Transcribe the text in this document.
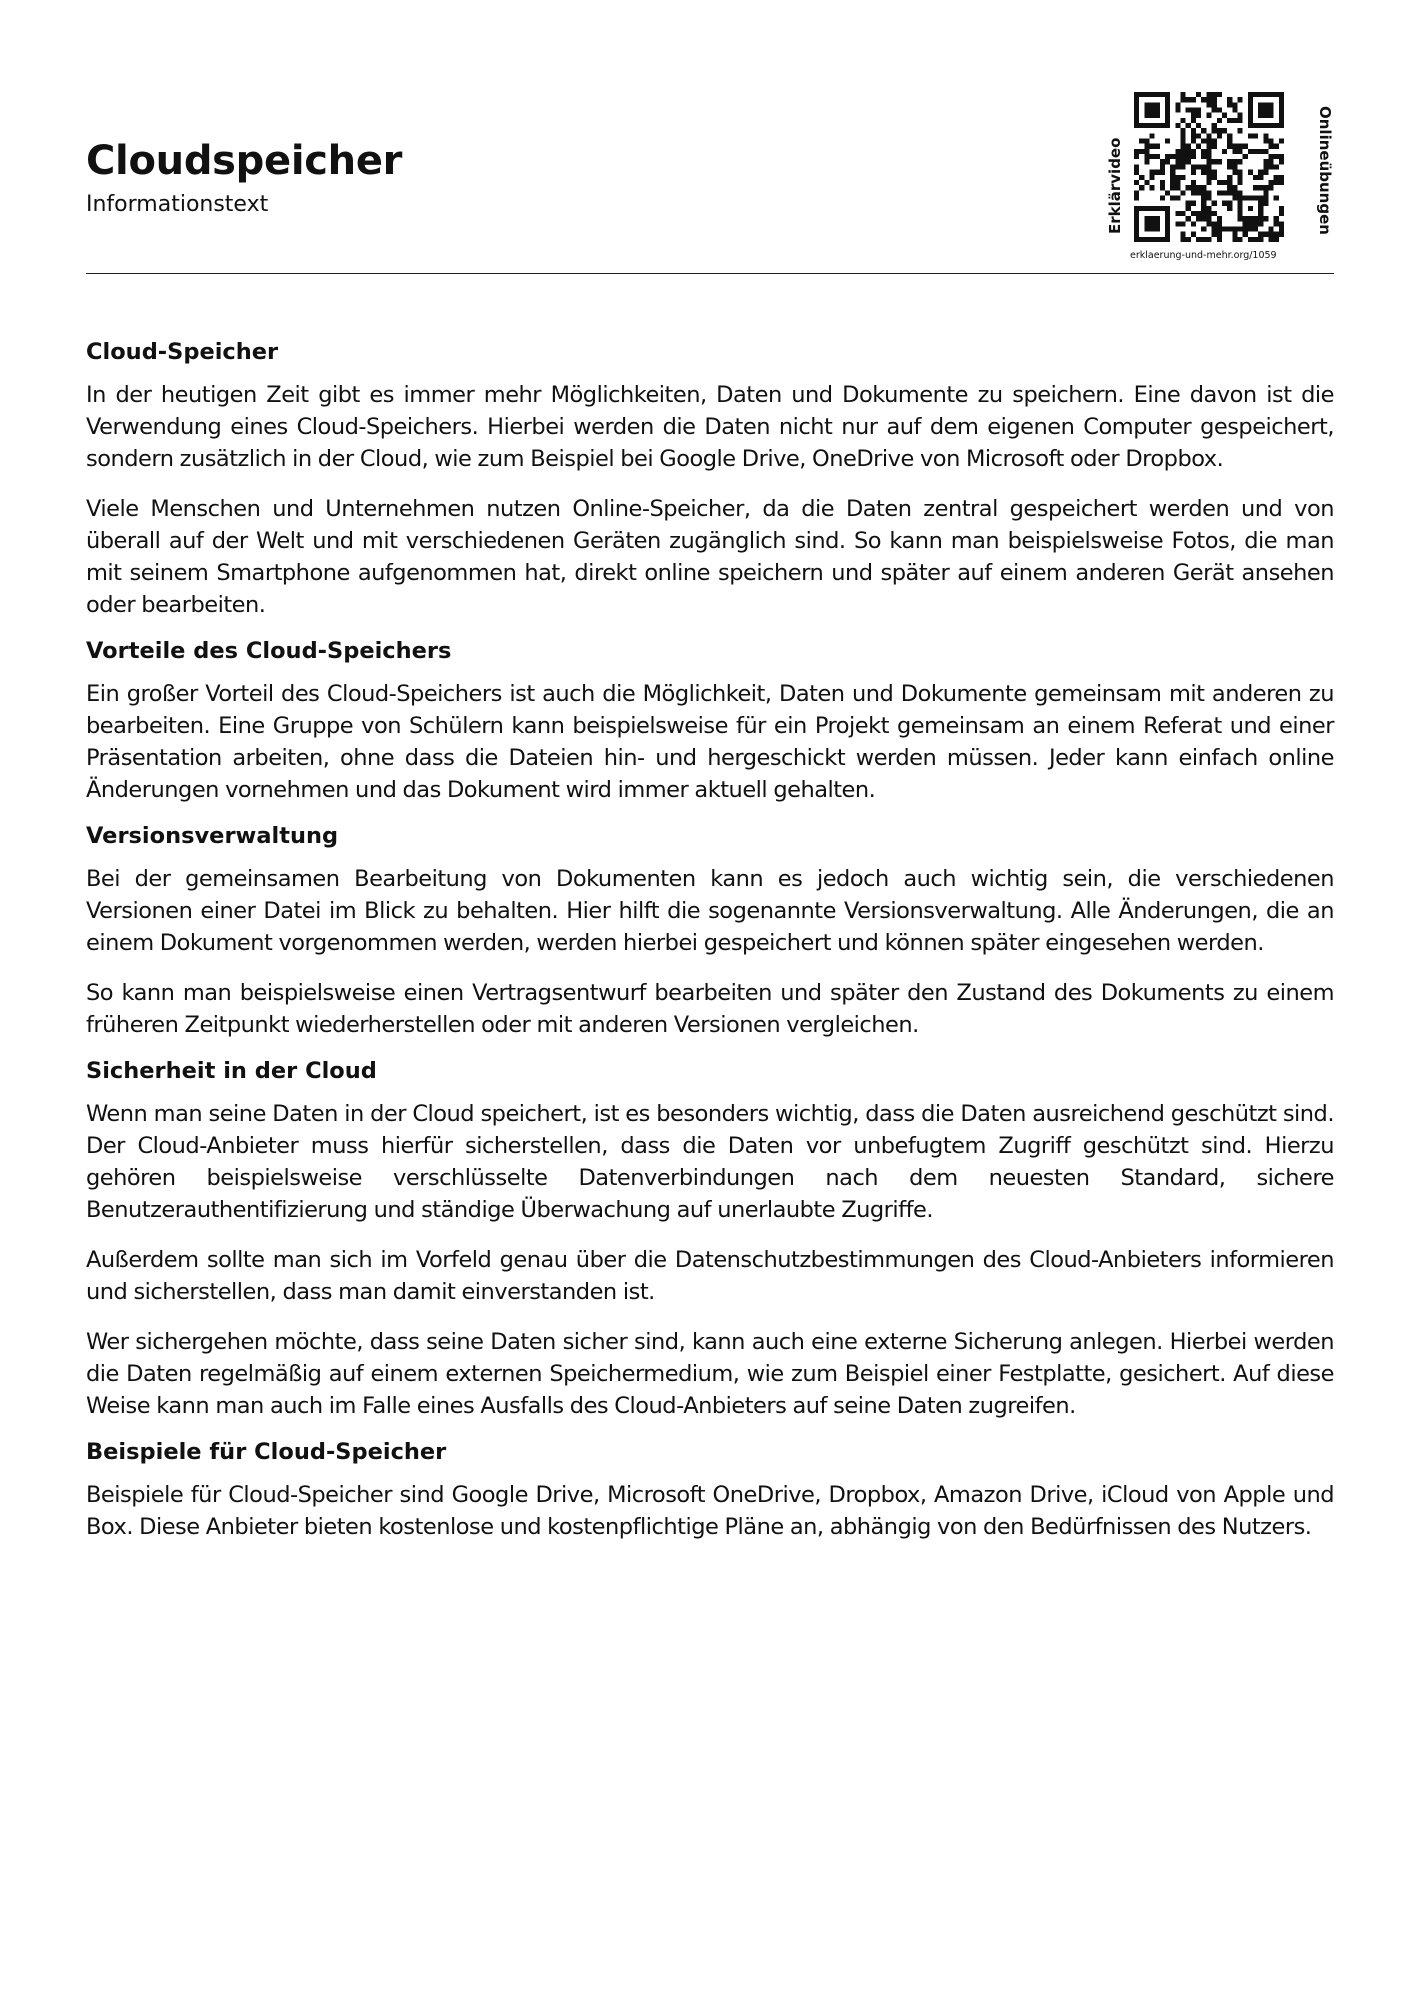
Cloudspeicher
Informationstext	Erklärvideo	Onlineübungen
erklaerung-und-mehr.org/1059
Cloud-Speicher

In der heutigen Zeit gibt es immer mehr Möglichkeiten, Daten und Dokumente zu speichern. Eine davon ist die Verwendung eines Cloud-Speichers. Hierbei werden die Daten nicht nur auf dem eigenen Computer gespeichert, sondern zusätzlich in der Cloud, wie zum Beispiel bei Google Drive, OneDrive von Microsoft oder Dropbox.

Viele Menschen und Unternehmen nutzen Online-Speicher, da die Daten zentral gespeichert werden und von überall auf der Welt und mit verschiedenen Geräten zugänglich sind. So kann man beispielsweise Fotos, die man mit seinem Smartphone aufgenommen hat, direkt online speichern und später auf einem anderen Gerät ansehen oder bearbeiten.

Vorteile des Cloud-Speichers

Ein großer Vorteil des Cloud-Speichers ist auch die Möglichkeit, Daten und Dokumente gemeinsam mit anderen zu bearbeiten. Eine Gruppe von Schülern kann beispielsweise für ein Projekt gemeinsam an einem Referat und einer Präsentation arbeiten, ohne dass die Dateien hin- und hergeschickt werden müssen. Jeder kann einfach online Änderungen vornehmen und das Dokument wird immer aktuell gehalten.

Versionsverwaltung

Bei der gemeinsamen Bearbeitung von Dokumenten kann es jedoch auch wichtig sein, die verschiedenen Versionen einer Datei im Blick zu behalten. Hier hilft die sogenannte Versionsverwaltung. Alle Änderungen, die an einem Dokument vorgenommen werden, werden hierbei gespeichert und können später eingesehen werden.

So kann man beispielsweise einen Vertragsentwurf bearbeiten und später den Zustand des Dokuments zu einem früheren Zeitpunkt wiederherstellen oder mit anderen Versionen vergleichen.

Sicherheit in der Cloud

Wenn man seine Daten in der Cloud speichert, ist es besonders wichtig, dass die Daten ausreichend geschützt sind. Der Cloud-Anbieter muss hierfür sicherstellen, dass die Daten vor unbefugtem Zugriff geschützt sind. Hierzu gehören beispielsweise verschlüsselte Datenverbindungen nach dem neuesten Standard, sichere Benutzerauthentifizierung und ständige Überwachung auf unerlaubte Zugriffe.

Außerdem sollte man sich im Vorfeld genau über die Datenschutzbestimmungen des Cloud-Anbieters informieren und sicherstellen, dass man damit einverstanden ist.

Wer sichergehen möchte, dass seine Daten sicher sind, kann auch eine externe Sicherung anlegen. Hierbei werden die Daten regelmäßig auf einem externen Speichermedium, wie zum Beispiel einer Festplatte, gesichert. Auf diese Weise kann man auch im Falle eines Ausfalls des Cloud-Anbieters auf seine Daten zugreifen.

Beispiele für Cloud-Speicher

Beispiele für Cloud-Speicher sind Google Drive, Microsoft OneDrive, Dropbox, Amazon Drive, iCloud von Apple und Box. Diese Anbieter bieten kostenlose und kostenpflichtige Pläne an, abhängig von den Bedürfnissen des Nutzers.
